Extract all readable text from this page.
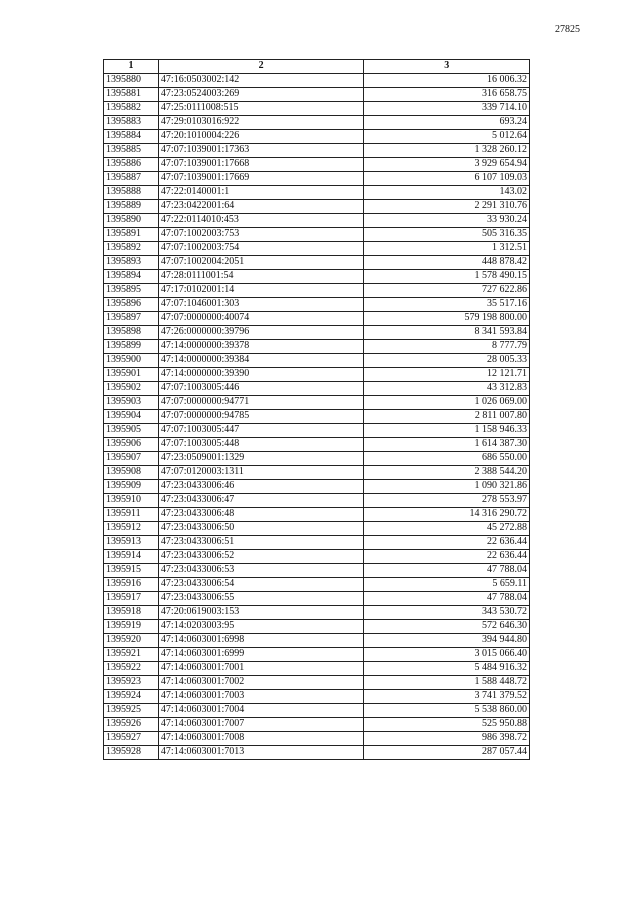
27825
1	2	3
1395880	47:16:0503002:142	16 006.32
1395881	47:23:0524003:269	316 658.75
1395882	47:25:0111008:515	339 714.10
1395883	47:29:0103016:922	693.24
1395884	47:20:1010004:226	5 012.64
1395885	47:07:1039001:17363	1 328 260.12
1395886	47:07:1039001:17668	3 929 654.94
1395887	47:07:1039001:17669	6 107 109.03
1395888	47:22:0140001:1	143.02
1395889	47:23:0422001:64	2 291 310.76
1395890	47:22:0114010:453	33 930.24
1395891	47:07:1002003:753	505 316.35
1395892	47:07:1002003:754	1 312.51
1395893	47:07:1002004:2051	448 878.42
1395894	47:28:0111001:54	1 578 490.15
1395895	47:17:0102001:14	727 622.86
1395896	47:07:1046001:303	35 517.16
1395897	47:07:0000000:40074	579 198 800.00
1395898	47:26:0000000:39796	8 341 593.84
1395899	47:14:0000000:39378	8 777.79
1395900	47:14:0000000:39384	28 005.33
1395901	47:14:0000000:39390	12 121.71
1395902	47:07:1003005:446	43 312.83
1395903	47:07:0000000:94771	1 026 069.00
1395904	47:07:0000000:94785	2 811 007.80
1395905	47:07:1003005:447	1 158 946.33
1395906	47:07:1003005:448	1 614 387.30
1395907	47:23:0509001:1329	686 550.00
1395908	47:07:0120003:1311	2 388 544.20
1395909	47:23:0433006:46	1 090 321.86
1395910	47:23:0433006:47	278 553.97
1395911	47:23:0433006:48	14 316 290.72
1395912	47:23:0433006:50	45 272.88
1395913	47:23:0433006:51	22 636.44
1395914	47:23:0433006:52	22 636.44
1395915	47:23:0433006:53	47 788.04
1395916	47:23:0433006:54	5 659.11
1395917	47:23:0433006:55	47 788.04
1395918	47:20:0619003:153	343 530.72
1395919	47:14:0203003:95	572 646.30
1395920	47:14:0603001:6998	394 944.80
1395921	47:14:0603001:6999	3 015 066.40
1395922	47:14:0603001:7001	5 484 916.32
1395923	47:14:0603001:7002	1 588 448.72
1395924	47:14:0603001:7003	3 741 379.52
1395925	47:14:0603001:7004	5 538 860.00
1395926	47:14:0603001:7007	525 950.88
1395927	47:14:0603001:7008	986 398.72
1395928	47:14:0603001:7013	287 057.44
